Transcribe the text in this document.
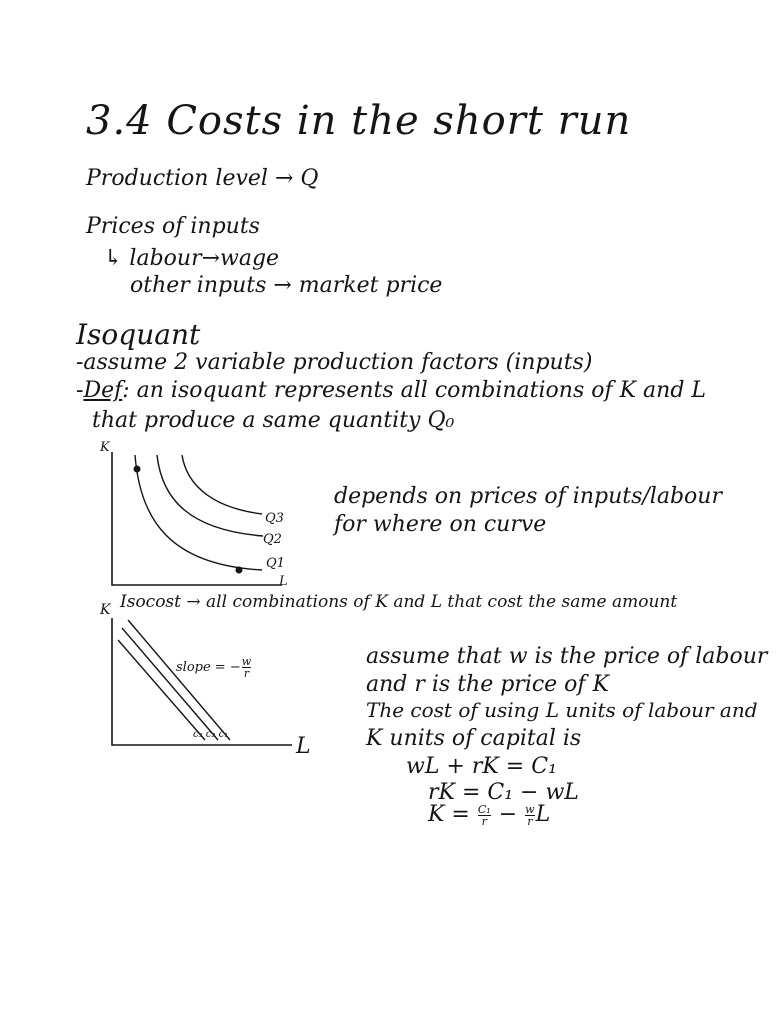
3.4 Costs in the short run
Production level → Q
Prices of inputs
↳ labour→wage
other inputs → market price
Isoquant
-assume 2 variable production factors (inputs)
-Def: an isoquant represents all combinations of K and L
that produce a same quantity Q₀
K
Q3
Q2
Q1
L
depends on prices of inputs/labour
for where on curve
K Isocost → all combinations of K and L that cost the same amount
slope = − $\frac{w}{r}$
c₃ c₂ c₁	L
assume that w is the price of labour
and r is the price of K
The cost of using L units of labour and
K units of capital is
wL + rK = C₁
rK = C₁ − wL
$K = \frac{\text{C₁}}{r} - \frac{w}{r}$ L
